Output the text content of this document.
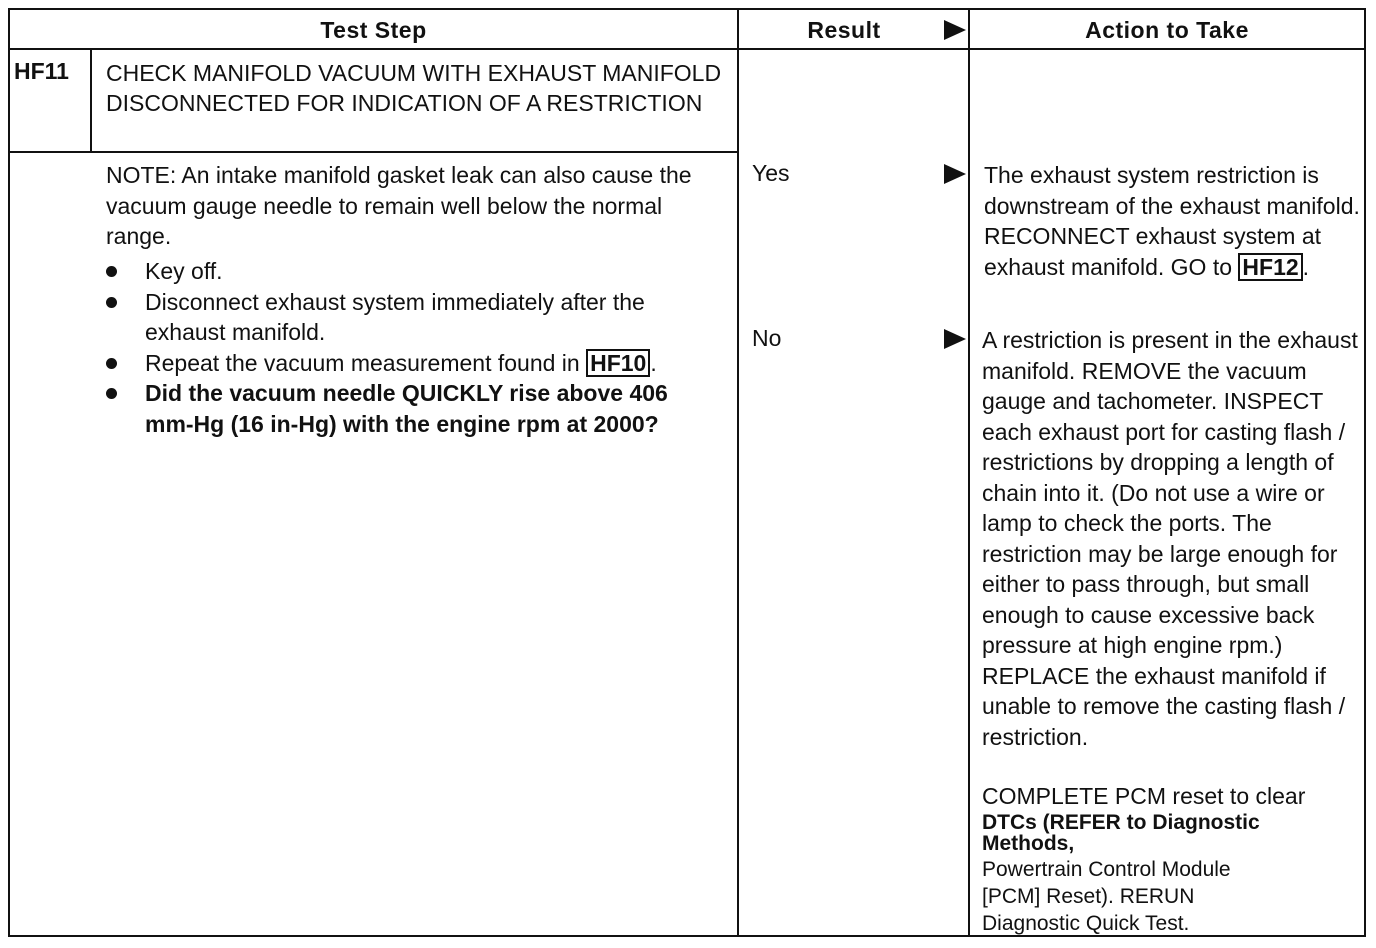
Test Step	Result	Action to Take
HF11 CHECK MANIFOLD VACUUM WITH EXHAUST MANIFOLD DISCONNECTED FOR INDICATION OF A RESTRICTION
NOTE: An intake manifold gasket leak can also cause the vacuum gauge needle to remain well below the normal range.
Key off.
Disconnect exhaust system immediately after the exhaust manifold.
Repeat the vacuum measurement found in HF10 .
Did the vacuum needle QUICKLY rise above 406 mm-Hg (16 in-Hg) with the engine rpm at 2000?
Yes	The exhaust system restriction is downstream of the exhaust manifold. RECONNECT exhaust system at exhaust manifold. GO to HF12 .
No	A restriction is present in the exhaust manifold. REMOVE the vacuum gauge and tachometer. INSPECT each exhaust port for casting flash / restrictions by dropping a length of chain into it. (Do not use a wire or lamp to check the ports. The restriction may be large enough for either to pass through, but small enough to cause excessive back pressure at high engine rpm.) REPLACE the exhaust manifold if unable to remove the casting flash / restriction.
COMPLETE PCM reset to clear
DTCs (REFER to Diagnostic
Methods,
Powertrain Control Module
[PCM] Reset). RERUN
Diagnostic Quick Test.
